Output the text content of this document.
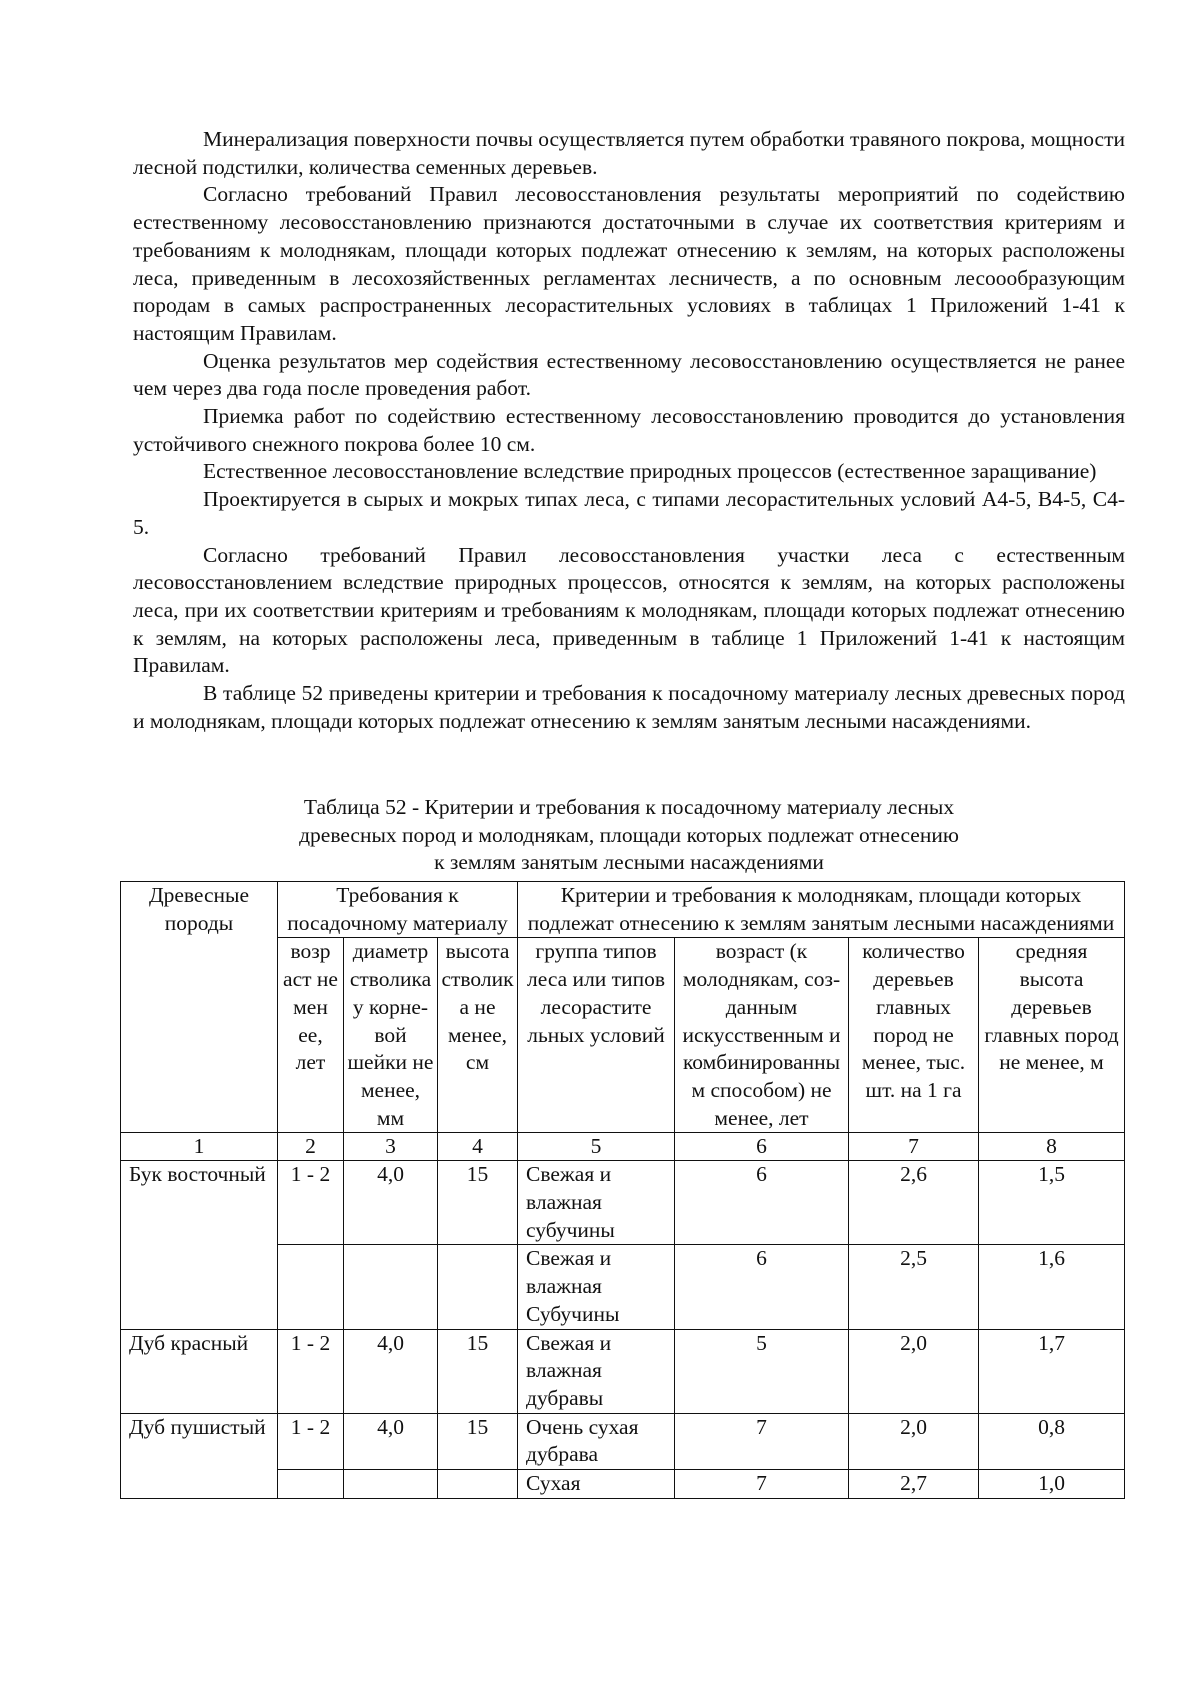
Минерализация поверхности почвы осуществляется путем обработки травяного покрова, мощности лесной подстилки, количества семенных деревьев.

Согласно требований Правил лесовосстановления результаты мероприятий по содействию естественному лесовосстановлению признаются достаточными в случае их соответствия критериям и требованиям к молоднякам, площади которых подлежат отнесению к землям, на которых расположены леса, приведенным в лесохозяйственных регламентах лесничеств, а по основным лесоообразующим породам в самых распространенных лесорастительных условиях в таблицах 1 Приложений 1-41 к настоящим Правилам.

Оценка результатов мер содействия естественному лесовосстановлению осуществляется не ранее чем через два года после проведения работ.

Приемка работ по содействию естественному лесовосстановлению проводится до установления устойчивого снежного покрова более 10 см.

Естественное лесовосстановление вследствие природных процессов (естественное заращивание)

Проектируется в сырых и мокрых типах леса, с типами лесорастительных условий А4-5, В4-5, С4-5.

Согласно требований Правил лесовосстановления участки леса с естественным лесовосстановлением вследствие природных процессов, относятся к землям, на которых расположены леса, при их соответствии критериям и требованиям к молоднякам, площади которых подлежат отнесению к землям, на которых расположены леса, приведенным в таблице 1 Приложений 1-41 к настоящим Правилам.

В таблице 52 приведены критерии и требования к посадочному материалу лесных древесных пород и молоднякам, площади которых подлежат отнесению к землям занятым лесными насаждениями.

Таблица 52 - Критерии и требования к посадочному материалу лесных
древесных пород и молоднякам, площади которых подлежат отнесению
к землям занятым лесными насаждениями
Древесные породы	Требования к посадочному материалу			Критерии и требования к молоднякам, площади которых подлежат отнесению к землям занятым лесными насаждениями			
	возр аст не мен ее, лет	диаметр стволика у корне-вой шейки не менее, мм	высота стволик а не менее, см	группа типов леса или типов лесорастите льных условий	возраст (к молоднякам, соз-данным искусственным и комбинированны м способом) не менее, лет	количество деревьев главных пород не менее, тыс. шт. на 1 га	средняя высота деревьев главных пород не менее, м
1	2	3	4	5	6	7	8
Бук восточный	1 - 2	4,0	15	Свежая и влажная субучины	6	2,6	1,5
				Свежая и влажная Субучины	6	2,5	1,6
Дуб красный	1 - 2	4,0	15	Свежая и влажная дубравы	5	2,0	1,7
Дуб пушистый	1 - 2	4,0	15	Очень сухая дубрава	7	2,0	0,8
				Сухая	7	2,7	1,0
